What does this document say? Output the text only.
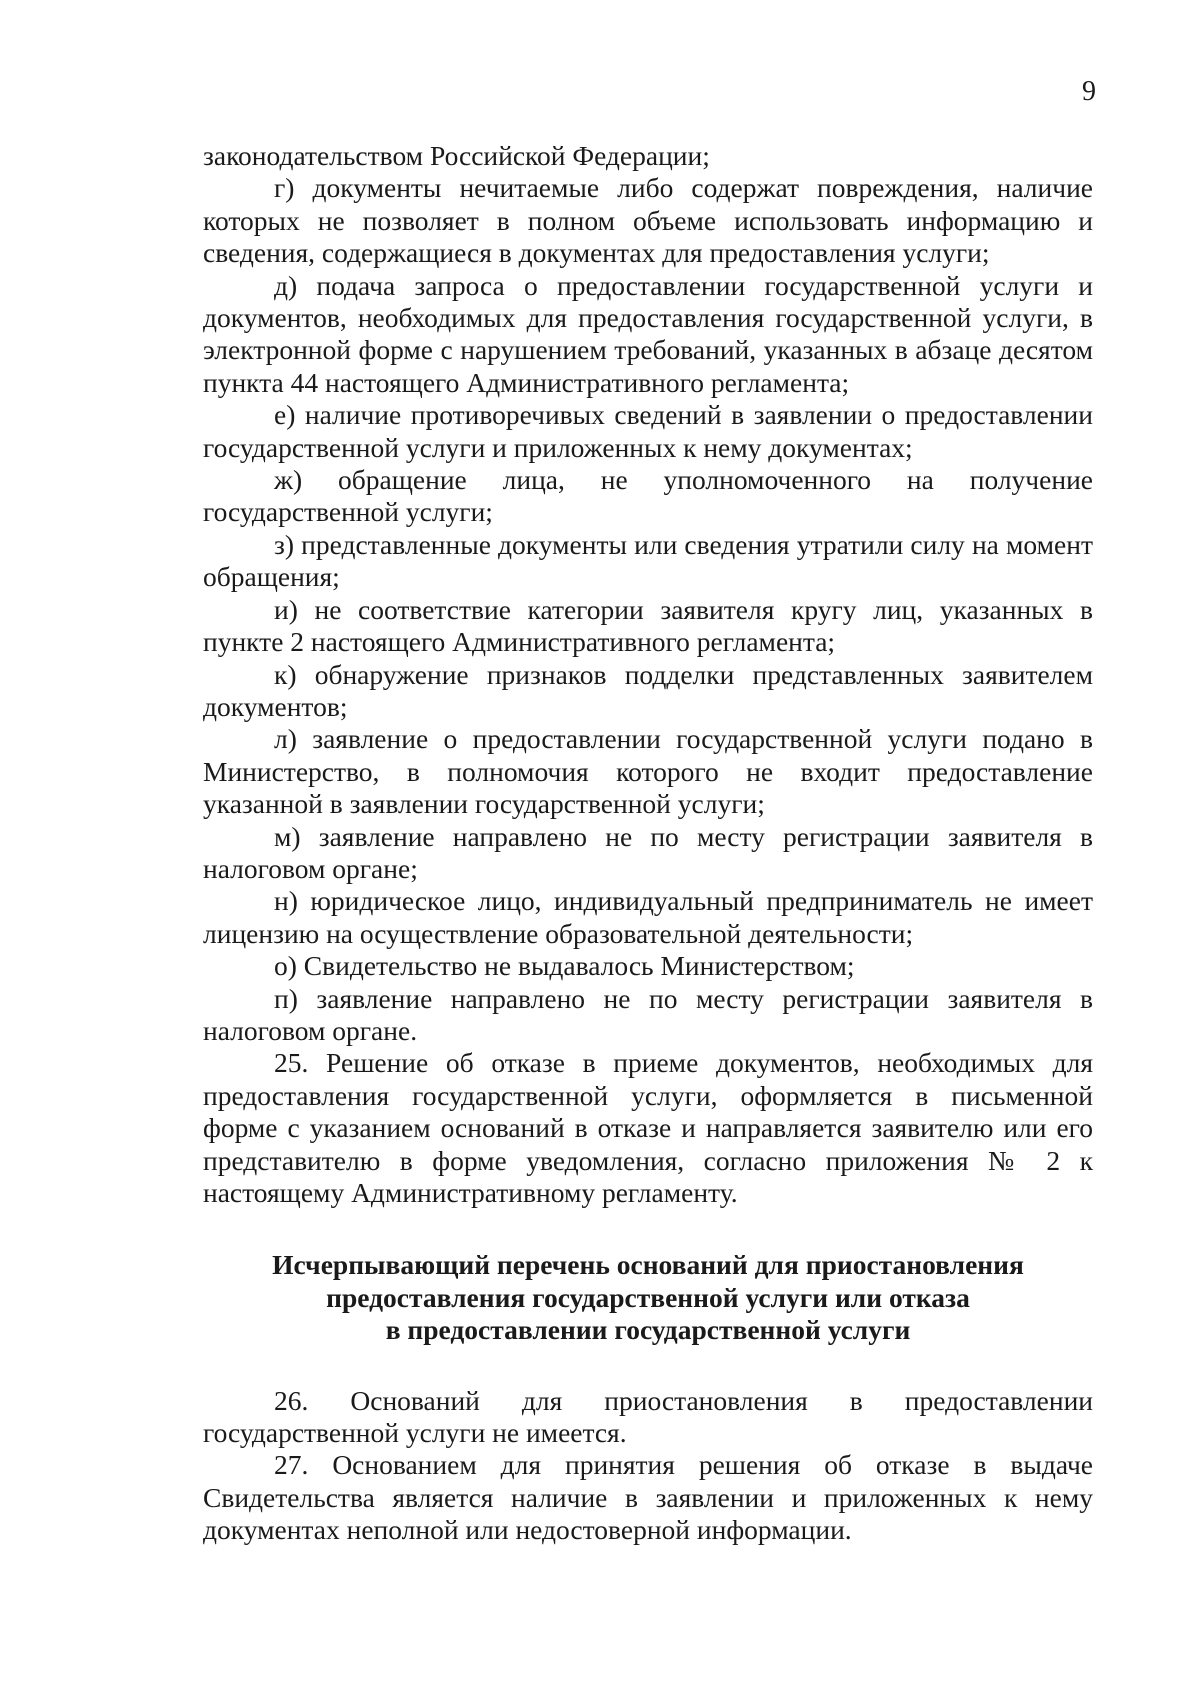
9

законодательством Российской Федерации;

г) документы нечитаемые либо содержат повреждения, наличие которых не позволяет в полном объеме использовать информацию и сведения, содержащиеся в документах для предоставления услуги;

д) подача запроса о предоставлении государственной услуги и документов, необходимых для предоставления государственной услуги, в электронной форме с нарушением требований, указанных в абзаце десятом пункта 44 настоящего Административного регламента;

е) наличие противоречивых сведений в заявлении о предоставлении государственной услуги и приложенных к нему документах;

ж) обращение лица, не уполномоченного на получение государственной услуги;

з) представленные документы или сведения утратили силу на момент обращения;

и) не соответствие категории заявителя кругу лиц, указанных в пункте 2 настоящего Административного регламента;

к) обнаружение признаков подделки представленных заявителем документов;

л) заявление о предоставлении государственной услуги подано в Министерство, в полномочия которого не входит предоставление указанной в заявлении государственной услуги;

м) заявление направлено не по месту регистрации заявителя в налоговом органе;

н) юридическое лицо, индивидуальный предприниматель не имеет лицензию на осуществление образовательной деятельности;

о) Свидетельство не выдавалось Министерством;

п) заявление направлено не по месту регистрации заявителя в налоговом органе.

25. Решение об отказе в приеме документов, необходимых для предоставления государственной услуги, оформляется в письменной форме с указанием оснований в отказе и направляется заявителю или его представителю в форме уведомления, согласно приложения № 2 к настоящему Административному регламенту.

Исчерпывающий перечень оснований для приостановления
предоставления государственной услуги или отказа
в предоставлении государственной услуги

26. Оснований для приостановления в предоставлении государственной услуги не имеется.

27. Основанием для принятия решения об отказе в выдаче Свидетельства является наличие в заявлении и приложенных к нему документах неполной или недостоверной информации.
